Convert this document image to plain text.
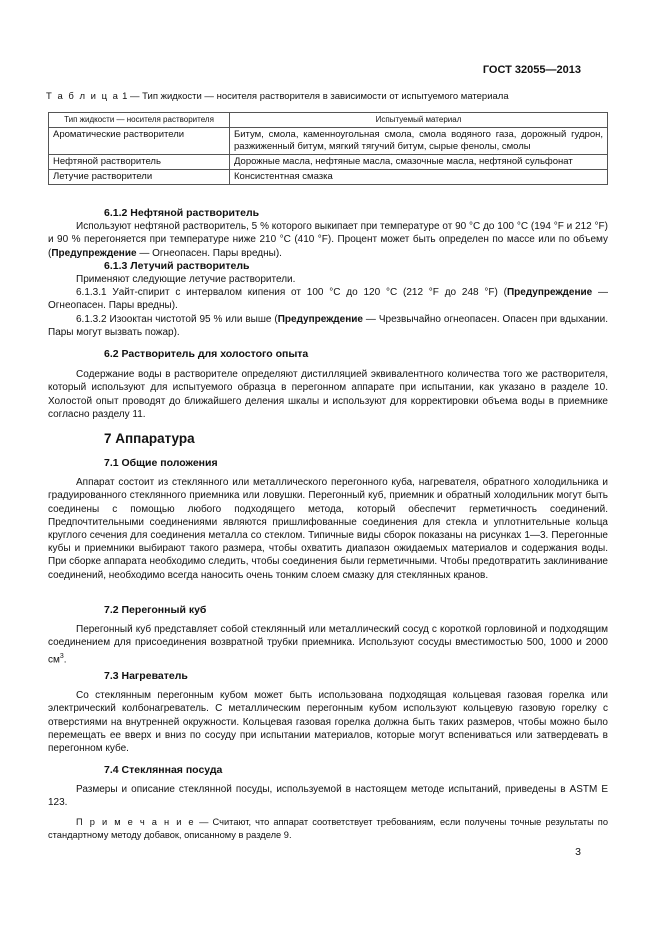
ГОСТ 32055—2013
Т а б л и ц а 1 — Тип жидкости — носителя растворителя в зависимости от испытуемого материала
Тип жидкости — носителя растворителя	Испытуемый материал
Ароматические растворители	Битум, смола, каменноугольная смола, смола водяного газа, дорожный гудрон, разжиженный битум, мягкий тягучий битум, сырые фенолы, смолы
Нефтяной растворитель	Дорожные масла, нефтяные масла, смазочные масла, нефтяной сульфонат
Летучие растворители	Консистентная смазка

6.1.2 Нефтяной растворитель

Используют нефтяной растворитель, 5 % которого выкипает при температуре от 90 °С до 100 °С (194 °F и 212 °F) и 90 % перегоняется при температуре ниже 210 °С (410 °F). Процент может быть определен по массе или по объему (Предупреждение — Огнеопасен. Пары вредны).

6.1.3 Летучий растворитель

Применяют следующие летучие растворители.

6.1.3.1 Уайт-спирит с интервалом кипения от 100 °С до 120 °С (212 °F до 248 °F) (Предупреждение — Огнеопасен. Пары вредны).

6.1.3.2 Изооктан чистотой 95 % или выше (Предупреждение — Чрезвычайно огнеопасен. Опасен при вдыхании. Пары могут вызвать пожар).

6.2 Растворитель для холостого опыта

Содержание воды в растворителе определяют дистилляцией эквивалентного количества того же растворителя, который используют для испытуемого образца в перегонном аппарате при испытании, как указано в разделе 10. Холостой опыт проводят до ближайшего деления шкалы и используют для корректировки объема воды в приемнике согласно разделу 11.

7 Аппаратура

7.1 Общие положения

Аппарат состоит из стеклянного или металлического перегонного куба, нагревателя, обратного холодильника и градуированного стеклянного приемника или ловушки. Перегонный куб, приемник и обратный холодильник могут быть соединены с помощью любого подходящего метода, который обеспечит герметичность соединений. Предпочтительными соединениями являются пришлифованные соединения для стекла и уплотнительные кольца круглого сечения для соединения металла со стеклом. Типичные виды сборок показаны на рисунках 1—3. Перегонные кубы и приемники выбирают такого размера, чтобы охватить диапазон ожидаемых материалов и содержания воды. При сборке аппарата необходимо следить, чтобы соединения были герметичными. Чтобы предотвратить заклинивание соединений, необходимо всегда наносить очень тонким слоем смазку для стеклянных кранов.

7.2 Перегонный куб

Перегонный куб представляет собой стеклянный или металлический сосуд с короткой горловиной и подходящим соединением для присоединения возвратной трубки приемника. Используют сосуды вместимостью 500, 1000 и 2000 $см^3$.

7.3 Нагреватель

Со стеклянным перегонным кубом может быть использована подходящая кольцевая газовая горелка или электрический колбонагреватель. С металлическим перегонным кубом используют кольцевую газовую горелку с отверстиями на внутренней окружности. Кольцевая газовая горелка должна быть таких размеров, чтобы можно было перемещать ее вверх и вниз по сосуду при испытании материалов, которые могут вспениваться или затвердевать в перегонном кубе.

7.4 Стеклянная посуда

Размеры и описание стеклянной посуды, используемой в настоящем методе испытаний, приведены в ASTM E 123.

П р и м е ч а н и е — Считают, что аппарат соответствует требованиям, если получены точные результаты по стандартному методу добавок, описанному в разделе 9.

3
